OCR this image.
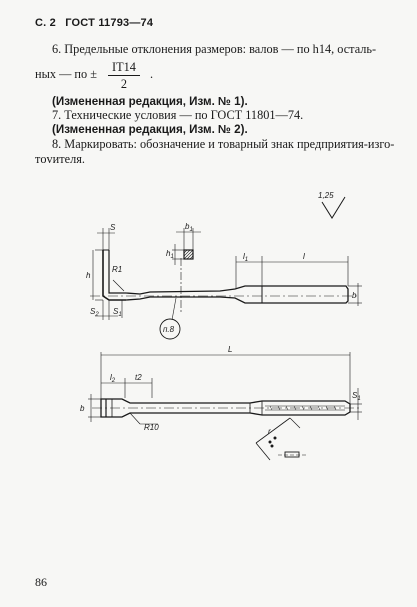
С. 2 ГОСТ 11793—74
6. Предельные отклонения размеров: валов — по h14, осталь-
ных — по ± $\frac{IT14}{2}$ .
(Измененная редакция, Изм. № 1).
7. Технические условия — по ГОСТ 11801—74.
(Измененная редакция, Изм. № 2).
8. Маркировать: обозначение и товарный знак предприятия-изго-
тovителя.
1,25
S	$b_1$
$h_1$
h
R1
$l_1$	l
b
$S_2$ $S_1$
п.8
L
$l_2$ t2
b
$S_1$
R10	r
86
